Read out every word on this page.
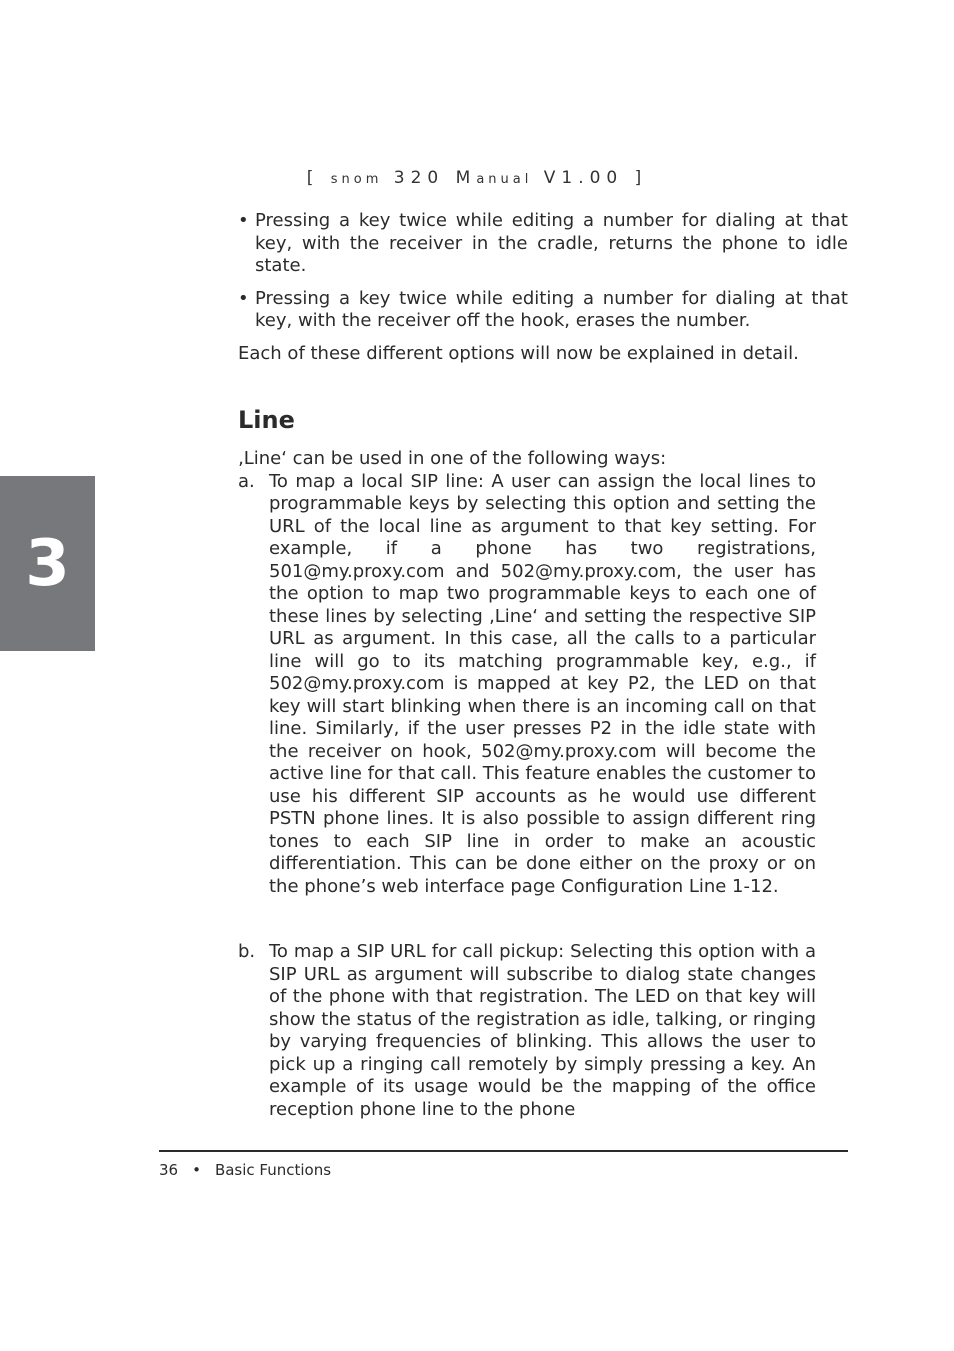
[ snom 320 Manual V1.00 ]
3
• Pressing a key twice while editing a number for dialing at that key, with the receiver in the cradle, returns the phone to idle state.
• Pressing a key twice while editing a number for dialing at that key, with the receiver off the hook, erases the number.

Each of these different options will now be explained in detail.

Line

‚Line‘ can be used in one of the following ways:

a. To map a local SIP line: A user can assign the local lines to programmable keys by selecting this option and setting the URL of the local line as argument to that key setting. For example, if a phone has two registrations, 501@my.proxy.com and 502@my.proxy.com, the user has the option to map two programmable keys to each one of these lines by selecting ‚Line‘ and setting the respective SIP URL as argument. In this case, all the calls to a particular line will go to its matching programmable key, e.g., if 502@my.proxy.com is mapped at key P2, the LED on that key will start blinking when there is an incoming call on that line. Similarly, if the user presses P2 in the idle state with the receiver on hook, 502@my.proxy.com will become the active line for that call. This feature enables the customer to use his different SIP accounts as he would use different PSTN phone lines. It is also possible to assign different ring tones to each SIP line in order to make an acoustic differentiation. This can be done either on the proxy or on the phone’s web interface page Configuration Line 1-12.
b. To map a SIP URL for call pickup: Selecting this option with a SIP URL as argument will subscribe to dialog state changes of the phone with that registration. The LED on that key will show the status of the registration as idle, talking, or ringing by varying frequencies of blinking. This allows the user to pick up a ringing call remotely by simply pressing a key. An example of its usage would be the mapping of the office reception phone line to the phone
36 • Basic Functions
